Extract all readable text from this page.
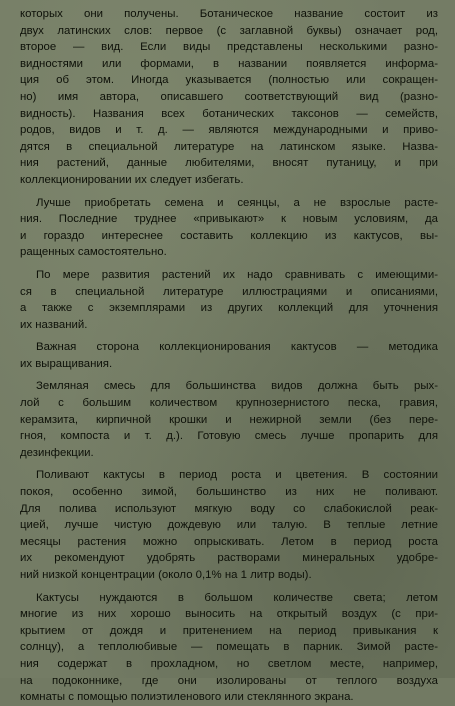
которых они получены. Ботаническое название состоит из
двух латинских слов: первое (с заглавной буквы) означает род,
второе — вид. Если виды представлены несколькими разно-
видностями или формами, в названии появляется информа-
ция об этом. Иногда указывается (полностью или сокращен-
но) имя автора, описавшего соответствующий вид (разно-
видность). Названия всех ботанических таксонов — семейств,
родов, видов и т. д. — являются международными и приво-
дятся в специальной литературе на латинском языке. Назва-
ния растений, данные любителями, вносят путаницу, и при
коллекционировании их следует избегать.
Лучше приобретать семена и сеянцы, а не взрослые расте-
ния. Последние труднее «привыкают» к новым условиям, да
и гораздо интереснее составить коллекцию из кактусов, вы-
ращенных самостоятельно.
По мере развития растений их надо сравнивать с имеющими-
ся в специальной литературе иллюстрациями и описаниями,
а также с экземплярами из других коллекций для уточнения
их названий.
Важная сторона коллекционирования кактусов — методика
их выращивания.
Земляная смесь для большинства видов должна быть рых-
лой с большим количеством крупнозернистого песка, гравия,
керамзита, кирпичной крошки и нежирной земли (без пере-
гноя, компоста и т. д.). Готовую смесь лучше пропарить для
дезинфекции.
Поливают кактусы в период роста и цветения. В состоянии
покоя, особенно зимой, большинство из них не поливают.
Для полива используют мягкую воду со слабокислой реак-
цией, лучше чистую дождевую или талую. В теплые летние
месяцы растения можно опрыскивать. Летом в период роста
их рекомендуют удобрять растворами минеральных удобре-
ний низкой концентрации (около 0,1% на 1 литр воды).
Кактусы нуждаются в большом количестве света; летом
многие из них хорошо выносить на открытый воздух (с при-
крытием от дождя и притенением на период привыкания к
солнцу), а теплолюбивые — помещать в парник. Зимой расте-
ния содержат в прохладном, но светлом месте, например,
на подоконнике, где они изолированы от теплого воздуха
комнаты с помощью полиэтиленового или стеклянного экрана.
